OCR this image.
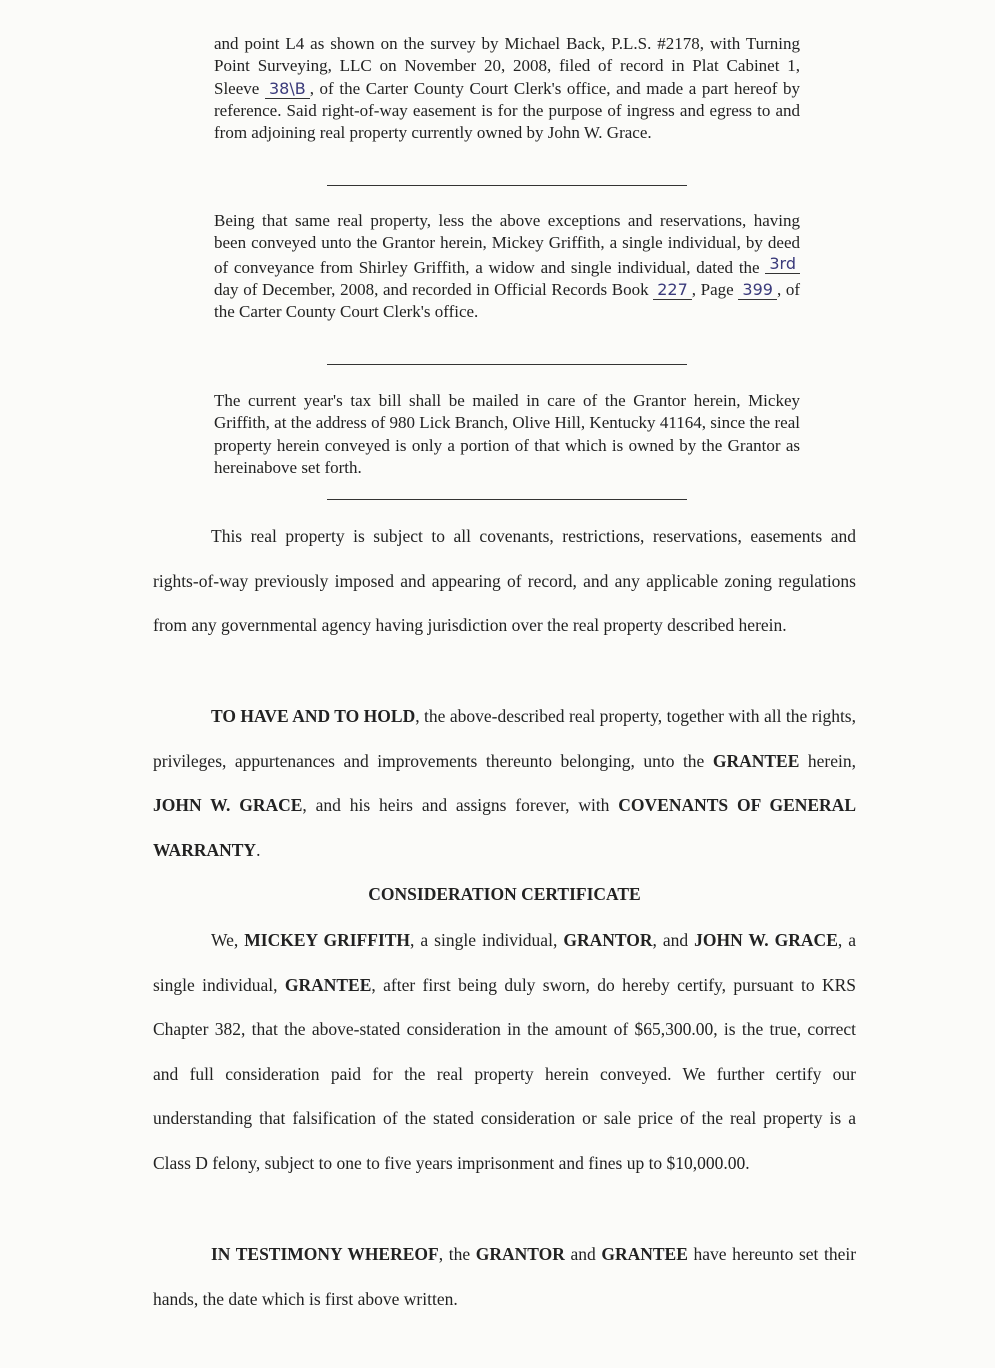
and point L4 as shown on the survey by Michael Back, P.L.S. #2178, with Turning Point Surveying, LLC on November 20, 2008, filed of record in Plat Cabinet 1, Sleeve 38\B , of the Carter County Court Clerk's office, and made a part hereof by reference. Said right-of-way easement is for the purpose of ingress and egress to and from adjoining real property currently owned by John W. Grace.
Being that same real property, less the above exceptions and reservations, having been conveyed unto the Grantor herein, Mickey Griffith, a single individual, by deed of conveyance from Shirley Griffith, a widow and single individual, dated the 3rd day of December, 2008, and recorded in Official Records Book 227 , Page 399 , of the Carter County Court Clerk's office.
The current year's tax bill shall be mailed in care of the Grantor herein, Mickey Griffith, at the address of 980 Lick Branch, Olive Hill, Kentucky 41164, since the real property herein conveyed is only a portion of that which is owned by the Grantor as hereinabove set forth.
This real property is subject to all covenants, restrictions, reservations, easements and rights-of-way previously imposed and appearing of record, and any applicable zoning regulations from any governmental agency having jurisdiction over the real property described herein.
TO HAVE AND TO HOLD, the above-described real property, together with all the rights, privileges, appurtenances and improvements thereunto belonging, unto the GRANTEE herein, JOHN W. GRACE, and his heirs and assigns forever, with COVENANTS OF GENERAL WARRANTY.
CONSIDERATION CERTIFICATE
We, MICKEY GRIFFITH, a single individual, GRANTOR, and JOHN W. GRACE, a single individual, GRANTEE, after first being duly sworn, do hereby certify, pursuant to KRS Chapter 382, that the above-stated consideration in the amount of $65,300.00, is the true, correct and full consideration paid for the real property herein conveyed. We further certify our understanding that falsification of the stated consideration or sale price of the real property is a Class D felony, subject to one to five years imprisonment and fines up to $10,000.00.
IN TESTIMONY WHEREOF, the GRANTOR and GRANTEE have hereunto set their hands, the date which is first above written.
